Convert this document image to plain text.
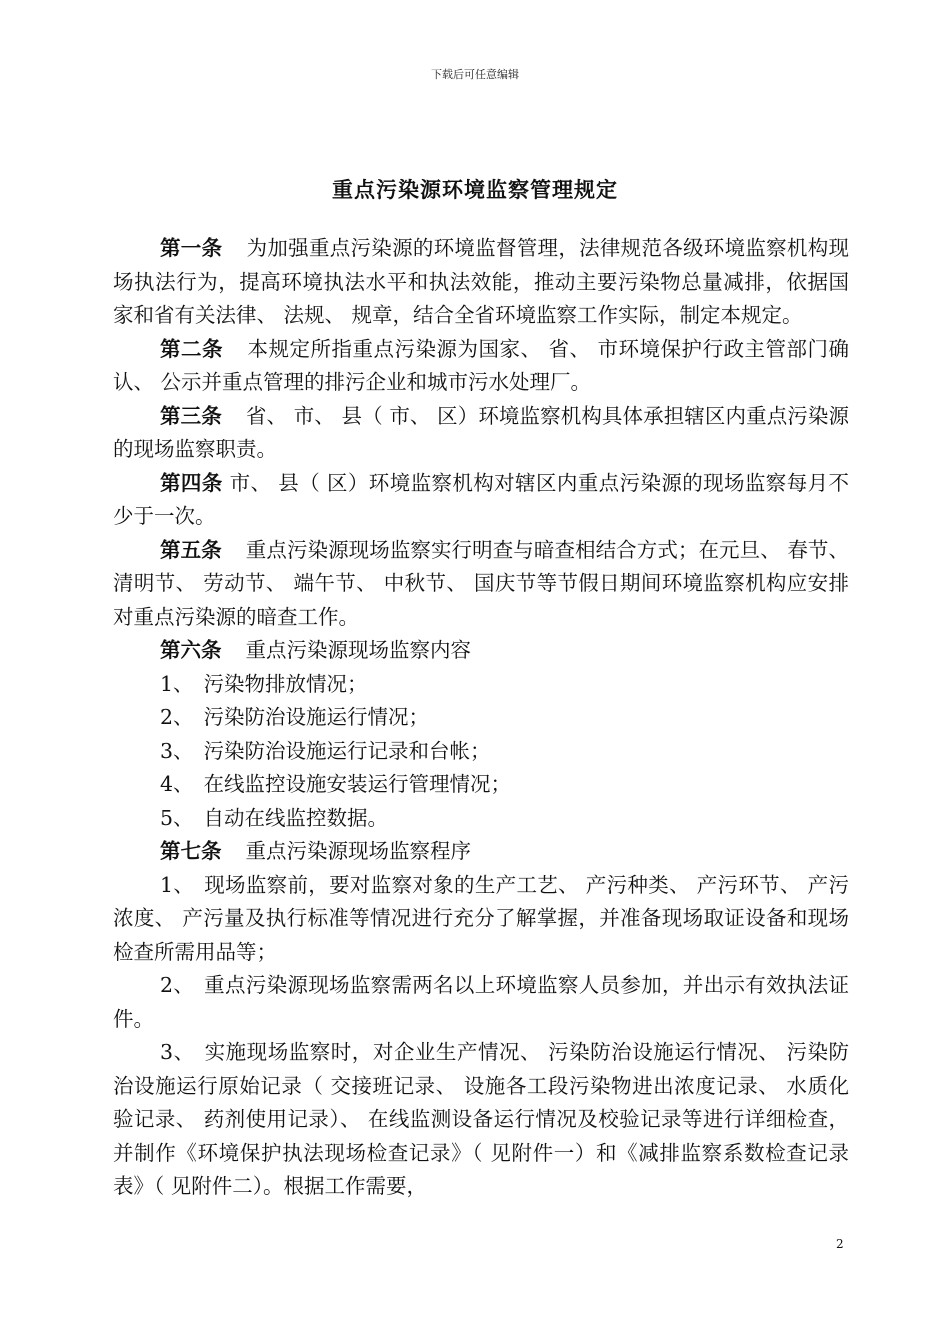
下载后可任意编辑
重点污染源环境监察管理规定

第一条 为加强重点污染源的环境监督管理，法律规范各级环境监察机构现场执法行为，提高环境执法水平和执法效能，推动主要污染物总量减排，依据国家和省有关法律、 法规、 规章，结合全省环境监察工作实际，制定本规定。

第二条 本规定所指重点污染源为国家、 省、 市环境保护行政主管部门确认、 公示并重点管理的排污企业和城市污水处理厂。

第三条 省、 市、 县（ 市、 区）环境监察机构具体承担辖区内重点污染源的现场监察职责。

第四条 市、 县（ 区）环境监察机构对辖区内重点污染源的现场监察每月不少于一次。

第五条 重点污染源现场监察实行明查与暗查相结合方式；在元旦、 春节、 清明节、 劳动节、 端午节、 中秋节、 国庆节等节假日期间环境监察机构应安排对重点污染源的暗查工作。

第六条 重点污染源现场监察内容

1、 污染物排放情况；

2、 污染防治设施运行情况；

3、 污染防治设施运行记录和台帐；

4、 在线监控设施安装运行管理情况；

5、 自动在线监控数据。

第七条 重点污染源现场监察程序

1、 现场监察前，要对监察对象的生产工艺、 产污种类、 产污环节、 产污浓度、 产污量及执行标准等情况进行充分了解掌握，并准备现场取证设备和现场检查所需用品等；

2、 重点污染源现场监察需两名以上环境监察人员参加，并出示有效执法证件。

3、 实施现场监察时，对企业生产情况、 污染防治设施运行情况、 污染防治设施运行原始记录（ 交接班记录、 设施各工段污染物进出浓度记录、 水质化验记录、 药剂使用记录）、 在线监测设备运行情况及校验记录等进行详细检查，并制作《环境保护执法现场检查记录》（ 见附件一）和《减排监察系数检查记录表》（ 见附件二）。根据工作需要，

2
